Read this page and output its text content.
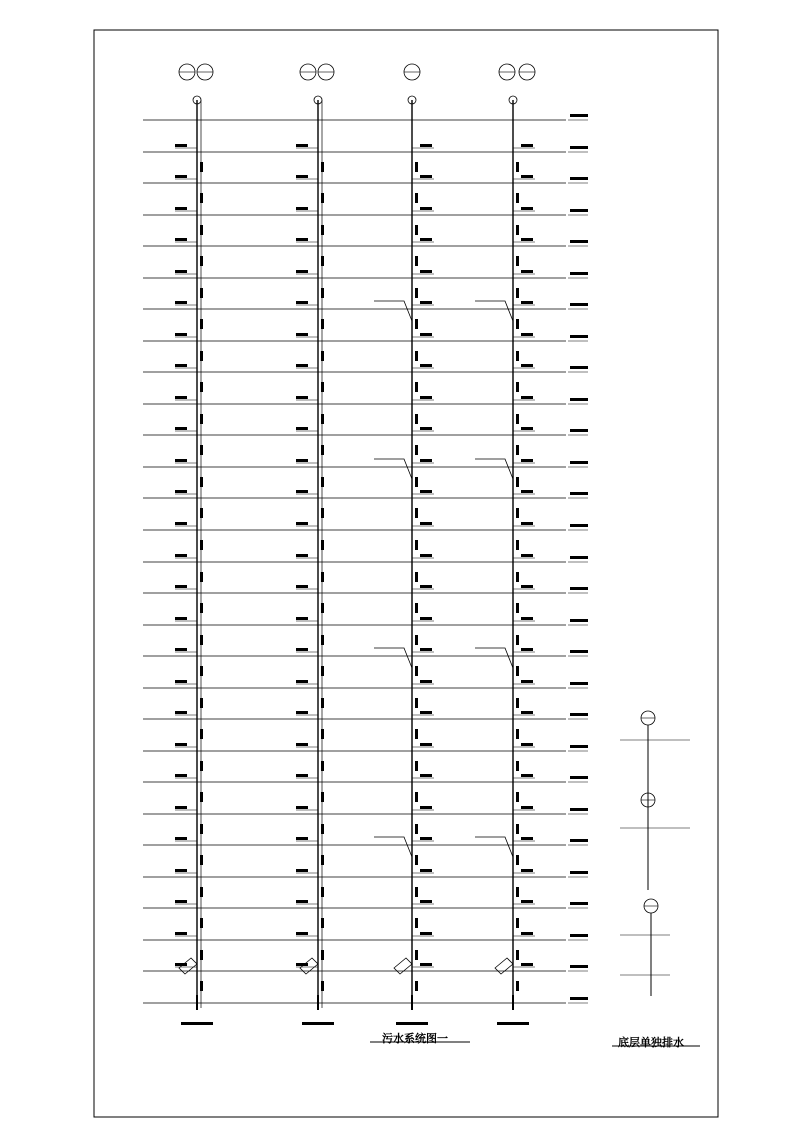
污水系统图一	底层单独排水
